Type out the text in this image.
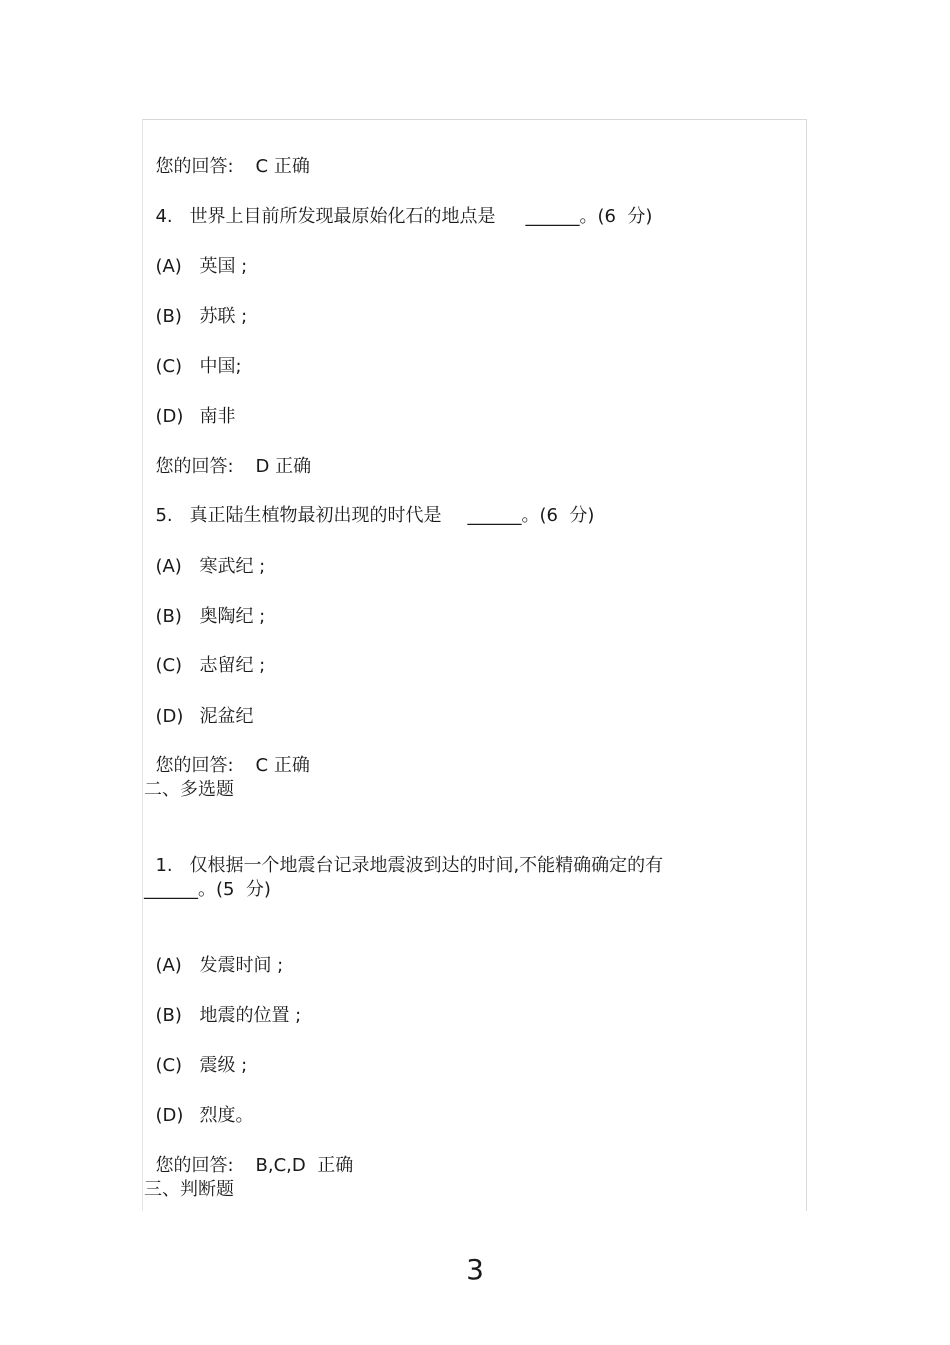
您的回答: C 正确

4. 世界上目前所发现最原始化石的地点是 ______。(6  分)

(A) 英国 ;

(B) 苏联 ;

(C) 中国;

(D) 南非

您的回答: D 正确

5. 真正陆生植物最初出现的时代是 ______。(6  分)

(A) 寒武纪 ;

(B) 奥陶纪 ;

(C) 志留纪 ;

(D) 泥盆纪

您的回答: C 正确

二、多选题

1. 仅根据一个地震台记录地震波到达的时间,不能精确确定的有

______。(5  分)

(A) 发震时间 ;

(B) 地震的位置 ;

(C) 震级 ;

(D) 烈度。

您的回答: B,C,D  正确

三、判断题
3
